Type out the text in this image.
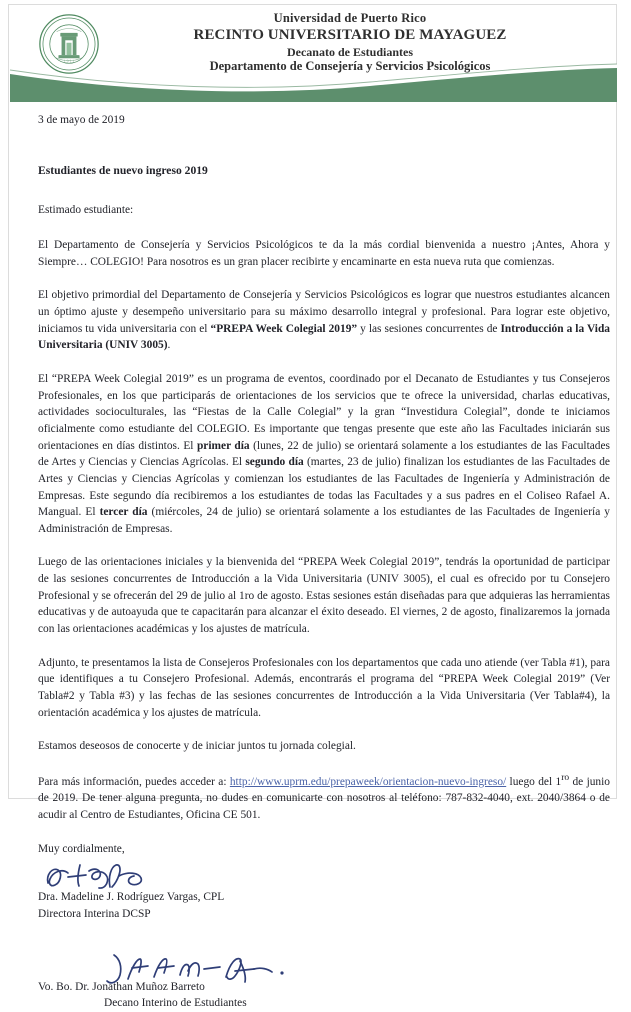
1 9 1 1
Universidad de Puerto Rico
RECINTO UNIVERSITARIO DE MAYAGUEZ
Decanato de Estudiantes
Departamento de Consejería y Servicios Psicológicos

3 de mayo de 2019

Estudiantes de nuevo ingreso 2019

Estimado estudiante:

El Departamento de Consejería y Servicios Psicológicos te da la más cordial bienvenida a nuestro ¡Antes, Ahora y Siempre… COLEGIO! Para nosotros es un gran placer recibirte y encaminarte en esta nueva ruta que comienzas.

El objetivo primordial del Departamento de Consejería y Servicios Psicológicos es lograr que nuestros estudiantes alcancen un óptimo ajuste y desempeño universitario para su máximo desarrollo integral y profesional. Para lograr este objetivo, iniciamos tu vida universitaria con el “PREPA Week Colegial 2019” y las sesiones concurrentes de Introducción a la Vida Universitaria (UNIV 3005).

El “PREPA Week Colegial 2019” es un programa de eventos, coordinado por el Decanato de Estudiantes y tus Consejeros Profesionales, en los que participarás de orientaciones de los servicios que te ofrece la universidad, charlas educativas, actividades socioculturales, las “Fiestas de la Calle Colegial” y la gran “Investidura Colegial”, donde te iniciamos oficialmente como estudiante del COLEGIO. Es importante que tengas presente que este año las Facultades iniciarán sus orientaciones en días distintos. El primer día (lunes, 22 de julio) se orientará solamente a los estudiantes de las Facultades de Artes y Ciencias y Ciencias Agrícolas. El segundo día (martes, 23 de julio) finalizan los estudiantes de las Facultades de Artes y Ciencias y Ciencias Agrícolas y comienzan los estudiantes de las Facultades de Ingeniería y Administración de Empresas. Este segundo día recibiremos a los estudiantes de todas las Facultades y a sus padres en el Coliseo Rafael A. Mangual. El tercer día (miércoles, 24 de julio) se orientará solamente a los estudiantes de las Facultades de Ingeniería y Administración de Empresas.

Luego de las orientaciones iniciales y la bienvenida del “PREPA Week Colegial 2019”, tendrás la oportunidad de participar de las sesiones concurrentes de Introducción a la Vida Universitaria (UNIV 3005), el cual es ofrecido por tu Consejero Profesional y se ofrecerán del 29 de julio al 1ro de agosto. Estas sesiones están diseñadas para que adquieras las herramientas educativas y de autoayuda que te capacitarán para alcanzar el éxito deseado. El viernes, 2 de agosto, finalizaremos la jornada con las orientaciones académicas y los ajustes de matrícula.

Adjunto, te presentamos la lista de Consejeros Profesionales con los departamentos que cada uno atiende (ver Tabla #1), para que identifiques a tu Consejero Profesional. Además, encontrarás el programa del “PREPA Week Colegial 2019” (Ver Tabla#2 y Tabla #3) y las fechas de las sesiones concurrentes de Introducción a la Vida Universitaria (Ver Tabla#4), la orientación académica y los ajustes de matrícula.

Estamos deseosos de conocerte y de iniciar juntos tu jornada colegial.

Para más información, puedes acceder a: http://www.uprm.edu/prepaweek/orientacion-nuevo-ingreso/ luego del $1^{ro}$ de junio de 2019. De tener alguna pregunta, no dudes en comunicarte con nosotros al teléfono: 787-832-4040, ext. 2040/3864 o de acudir al Centro de Estudiantes, Oficina CE 501.

Muy cordialmente,

Dra. Madeline J. Rodríguez Vargas, CPL

Directora Interina DCSP

Vo. Bo. Dr. Jonathan Muñoz Barreto

Decano Interino de Estudiantes
